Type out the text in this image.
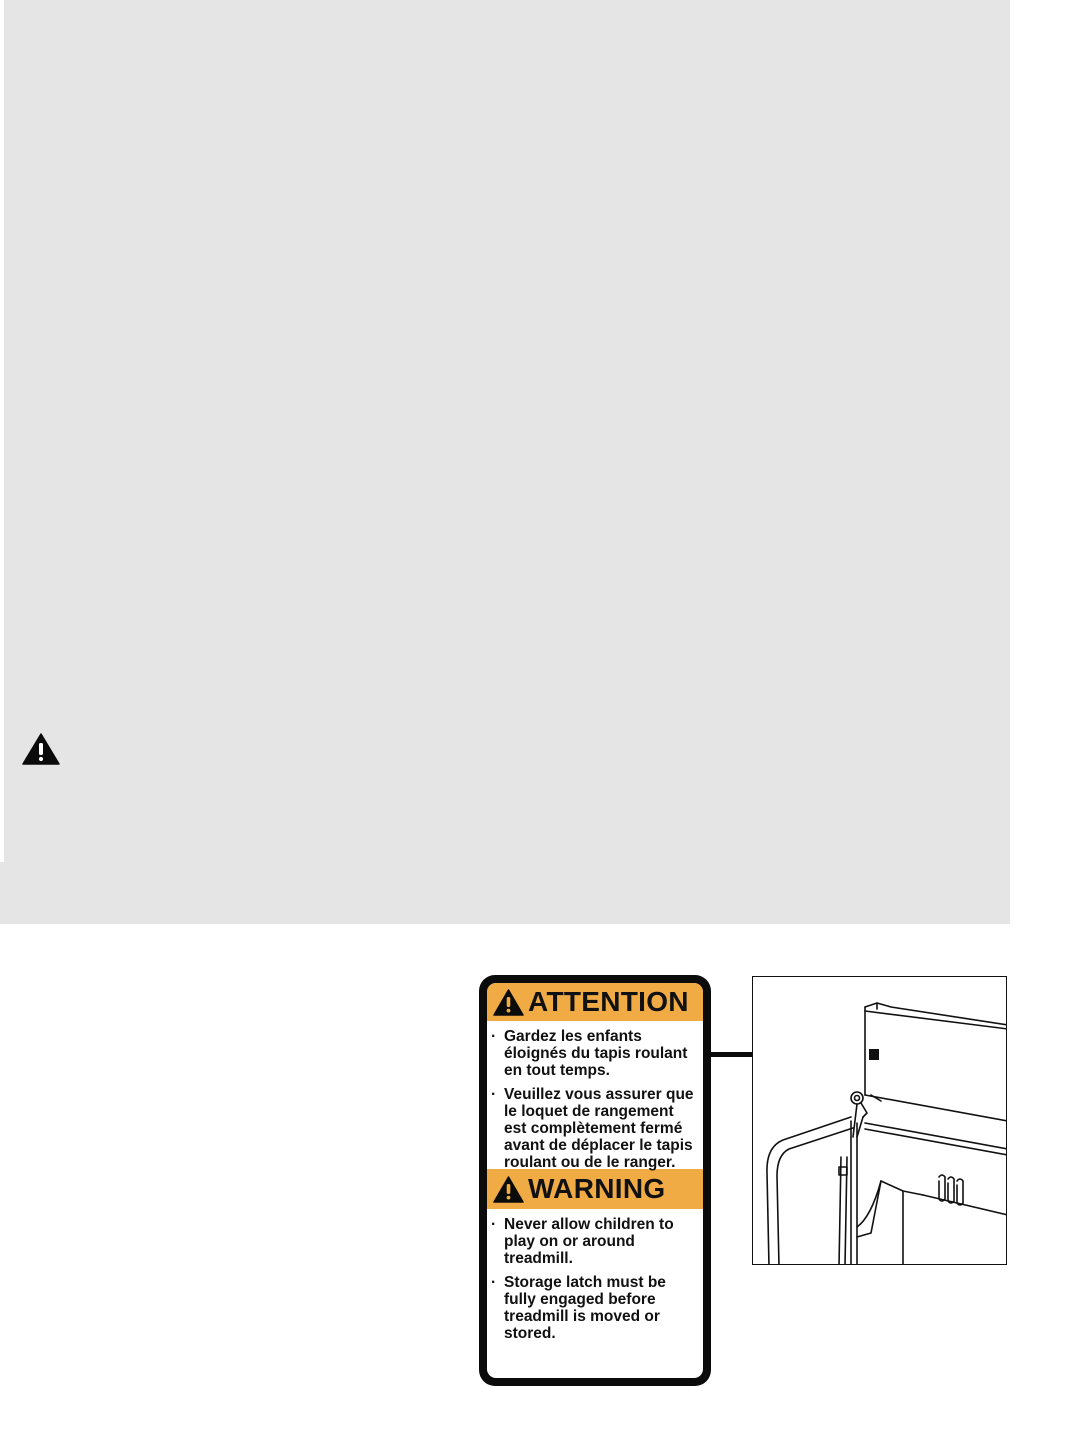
ATTENTION
· Gardez les enfants
éloignés du tapis roulant
en tout temps.
· Veuillez vous assurer que
le loquet de rangement
est complètement fermé
avant de déplacer le tapis
roulant ou de le ranger.
WARNING
· Never allow children to
play on or around
treadmill.
· Storage latch must be
fully engaged before
treadmill is moved or
stored.
